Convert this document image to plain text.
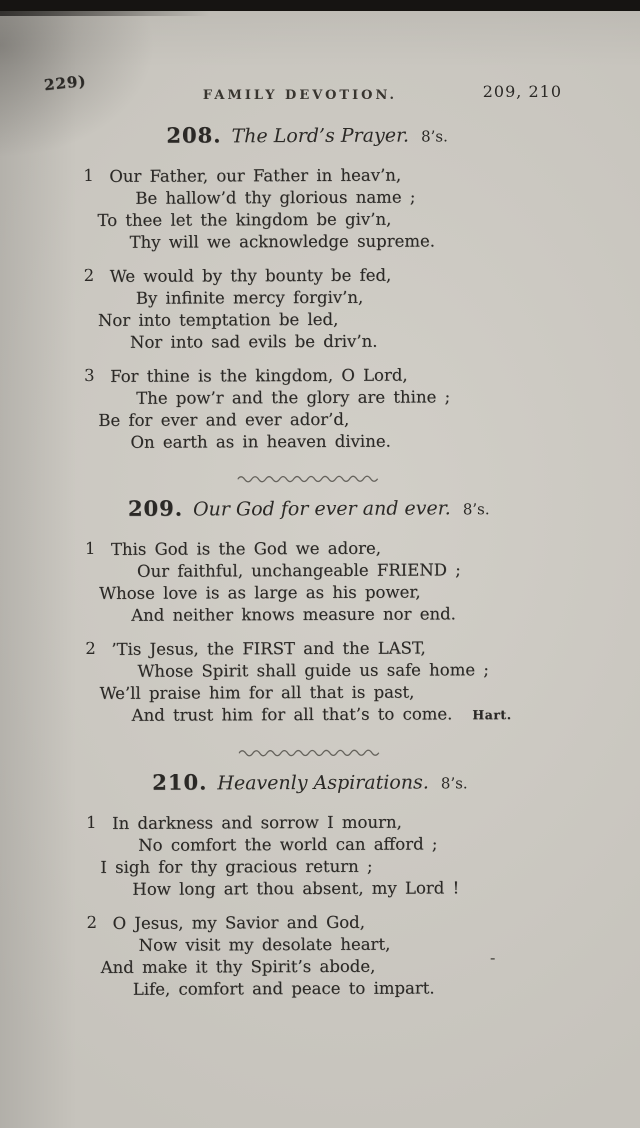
229)
FAMILY DEVOTION.	209, 210
208. The Lord’s Prayer. 8’s.
1 Our Father, our Father in heav’n,
Be hallow’d thy glorious name ;
To thee let the kingdom be giv’n,
Thy will we acknowledge supreme.
2 We would by thy bounty be fed,
By infinite mercy forgiv’n,
Nor into temptation be led,
Nor into sad evils be driv’n.
3 For thine is the kingdom, O Lord,
The pow’r and the glory are thine ;
Be for ever and ever ador’d,
On earth as in heaven divine.
209. Our God for ever and ever. 8’s.
1 This God is the God we adore,
Our faithful, unchangeable FRIEND ;
Whose love is as large as his power,
And neither knows measure nor end.
2 ’Tis Jesus, the FIRST and the LAST,
Whose Spirit shall guide us safe home ;
We’ll praise him for all that is past,
And trust him for all that’s to come. Hart.
210. Heavenly Aspirations. 8’s.
1 In darkness and sorrow I mourn,
No comfort the world can afford ;
I sigh for thy gracious return ;
How long art thou absent, my Lord !
2 O Jesus, my Savior and God,
Now visit my desolate heart,
And make it thy Spirit’s abode,
Life, comfort and peace to impart.
-
